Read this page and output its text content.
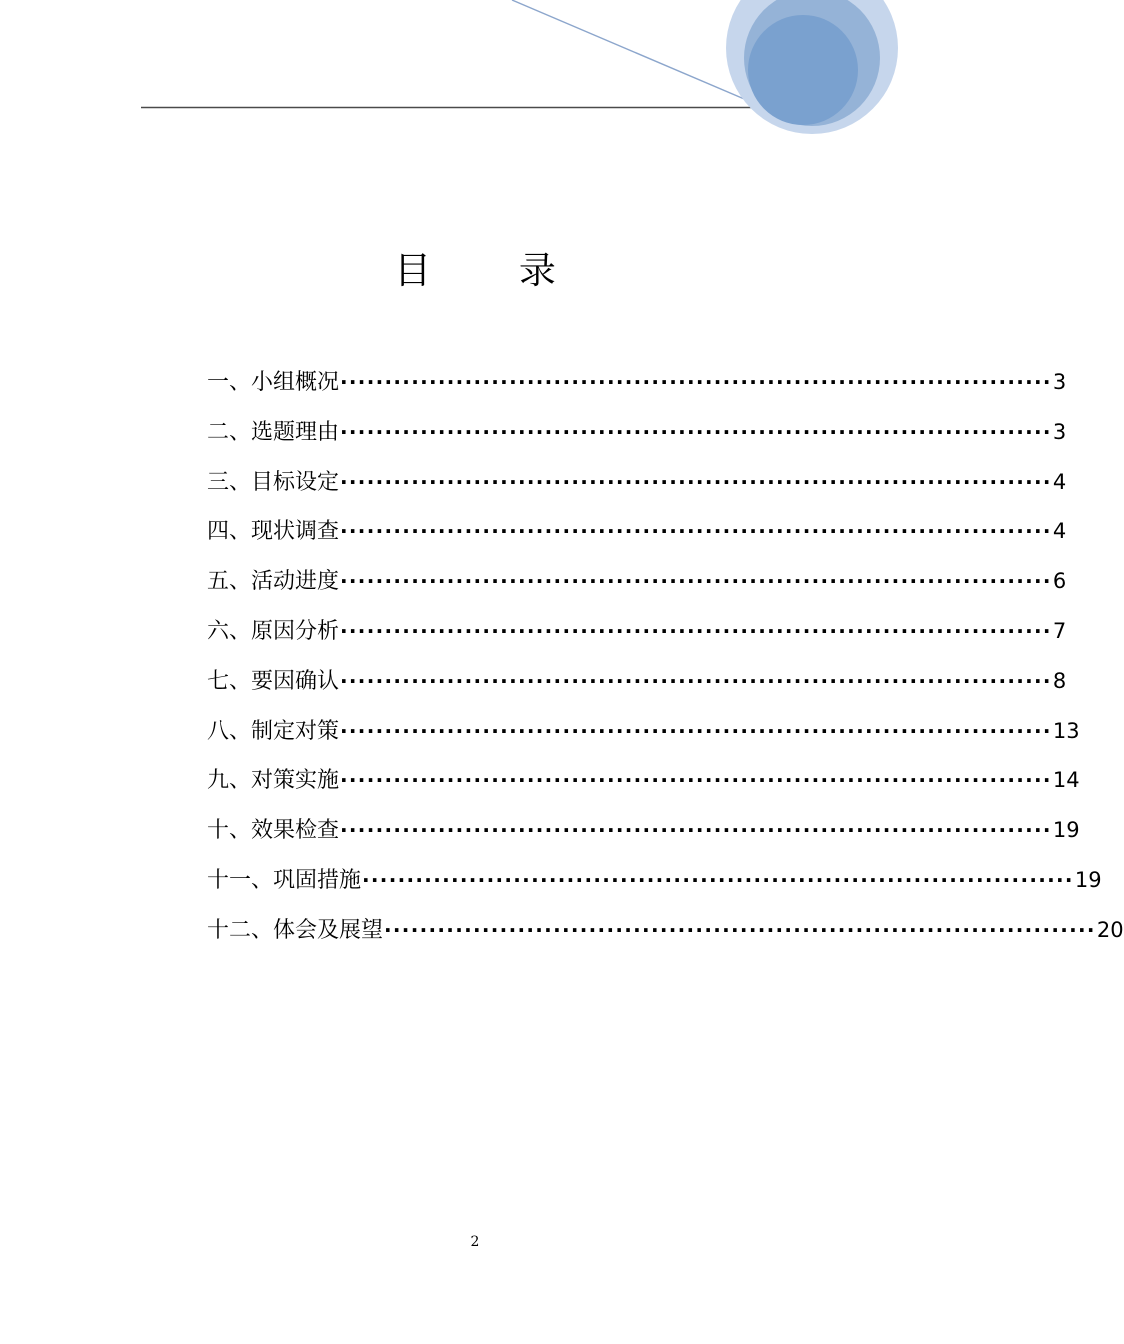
目 录
一、小组概况 ················································································ 3
二、选题理由 ················································································ 3
三、目标设定 ················································································ 4
四、现状调查 ················································································ 4
五、活动进度 ················································································ 6
六、原因分析 ················································································ 7
七、要因确认 ················································································ 8
八、制定对策 ················································································ 13
九、对策实施 ················································································ 14
十、效果检查 ················································································ 19
十一、巩固措施 ················································································ 19
十二、体会及展望 ················································································ 20
2
